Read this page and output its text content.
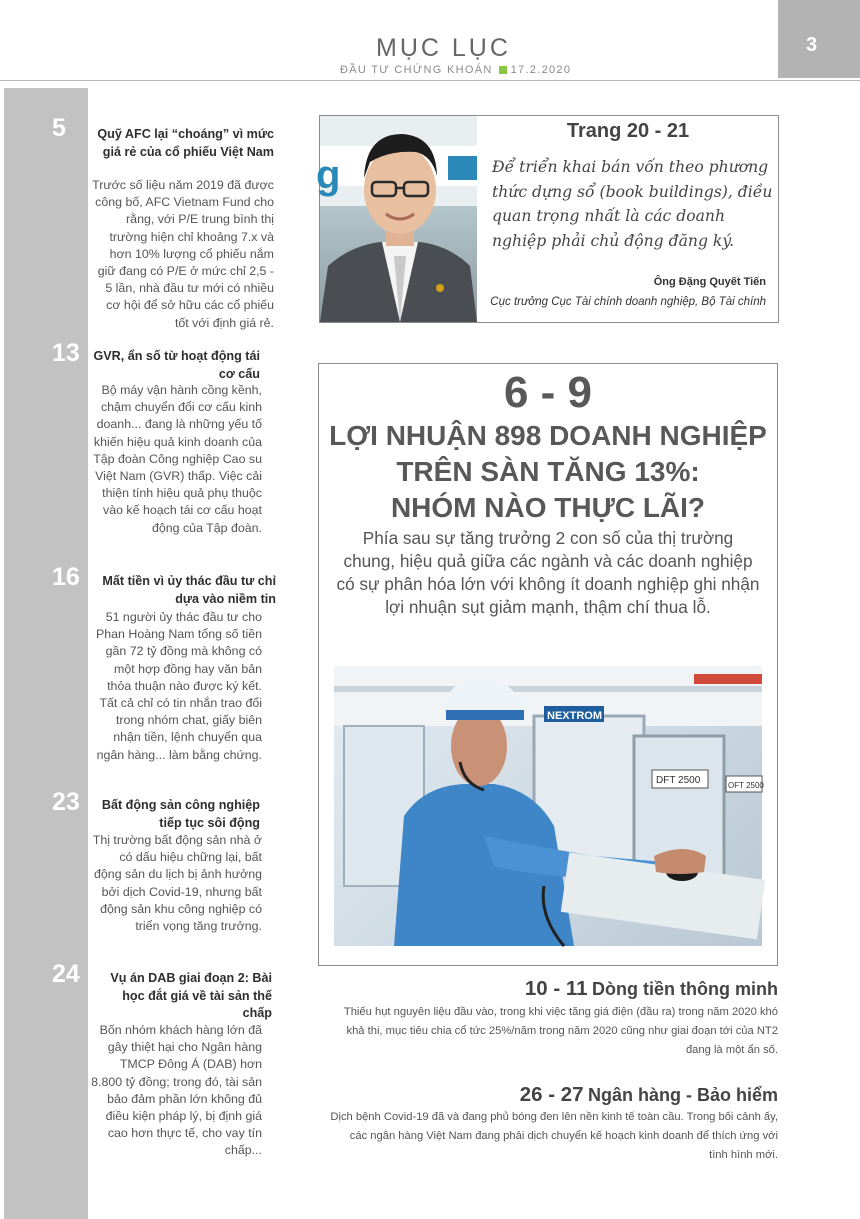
MỤC LỤC
ĐẦU TƯ CHỨNG KHOÁN 17.2.2020
3
5	Quỹ AFC lại “choáng” vì mức giá rẻ của cổ phiếu Việt Nam
Trước số liệu năm 2019 đã được công bố, AFC Vietnam Fund cho rằng, với P/E trung bình thị trường hiện chỉ khoảng 7.x và hơn 10% lượng cổ phiếu nắm giữ đang có P/E ở mức chỉ 2,5 - 5 lần, nhà đầu tư mới có nhiều cơ hội để sở hữu các cổ phiếu tốt với định giá rẻ.
13 GVR, ẩn số từ hoạt động tái cơ cấu
Bộ máy vận hành cồng kềnh, chậm chuyển đổi cơ cấu kinh doanh... đang là những yếu tố khiến hiệu quả kinh doanh của Tập đoàn Công nghiệp Cao su Việt Nam (GVR) thấp. Việc cải thiện tính hiệu quả phụ thuộc vào kế hoạch tái cơ cấu hoạt động của Tập đoàn.
16	Mất tiền vì ủy thác đầu tư chỉ dựa vào niềm tin
51 người ủy thác đầu tư cho Phan Hoàng Nam tổng số tiền gần 72 tỷ đồng mà không có một hợp đồng hay văn bản thỏa thuận nào được ký kết. Tất cả chỉ có tin nhắn trao đổi trong nhóm chat, giấy biên nhận tiền, lệnh chuyển qua ngân hàng... làm bằng chứng.
23	Bất động sản công nghiệp tiếp tục sôi động
Thị trường bất động sản nhà ở có dấu hiệu chững lại, bất động sản du lịch bị ảnh hưởng bởi dịch Covid-19, nhưng bất động sản khu công nghiệp có triển vọng tăng trưởng.
24	Vụ án DAB giai đoạn 2: Bài học đắt giá về tài sản thế chấp
Bốn nhóm khách hàng lớn đã gây thiệt hại cho Ngân hàng TMCP Đông Á (DAB) hơn 8.800 tỷ đồng; trong đó, tài sản bảo đảm phần lớn không đủ điều kiện pháp lý, bị định giá cao hơn thực tế, cho vay tín chấp...
g
Trang 20 - 21
Để triển khai bán vốn theo phương thức dựng sổ (book buildings), điều quan trọng nhất là các doanh nghiệp phải chủ động đăng ký.
Ông Đặng Quyết Tiến
Cục trưởng Cục Tài chính doanh nghiệp, Bộ Tài chính
6 - 9
LỢI NHUẬN 898 DOANH NGHIỆP
TRÊN SÀN TĂNG 13%:
NHÓM NÀO THỰC LÃI?
Phía sau sự tăng trưởng 2 con số của thị trường chung, hiệu quả giữa các ngành và các doanh nghiệp có sự phân hóa lớn với không ít doanh nghiệp ghi nhận lợi nhuận sụt giảm mạnh, thậm chí thua lỗ.
NEXTROM
DFT 2500	OFT 2500
10 - 11 Dòng tiền thông minh
Thiếu hụt nguyên liệu đầu vào, trong khi việc tăng giá điện (đầu ra) trong năm 2020 khó khả thi, mục tiêu chia cổ tức 25%/năm trong năm 2020 cũng như giai đoạn tới của NT2 đang là một ẩn số.
26 - 27 Ngân hàng - Bảo hiểm
Dịch bệnh Covid-19 đã và đang phủ bóng đen lên nền kinh tế toàn cầu. Trong bối cảnh ấy, các ngân hàng Việt Nam đang phải dịch chuyển kế hoạch kinh doanh để thích ứng với tình hình mới.
